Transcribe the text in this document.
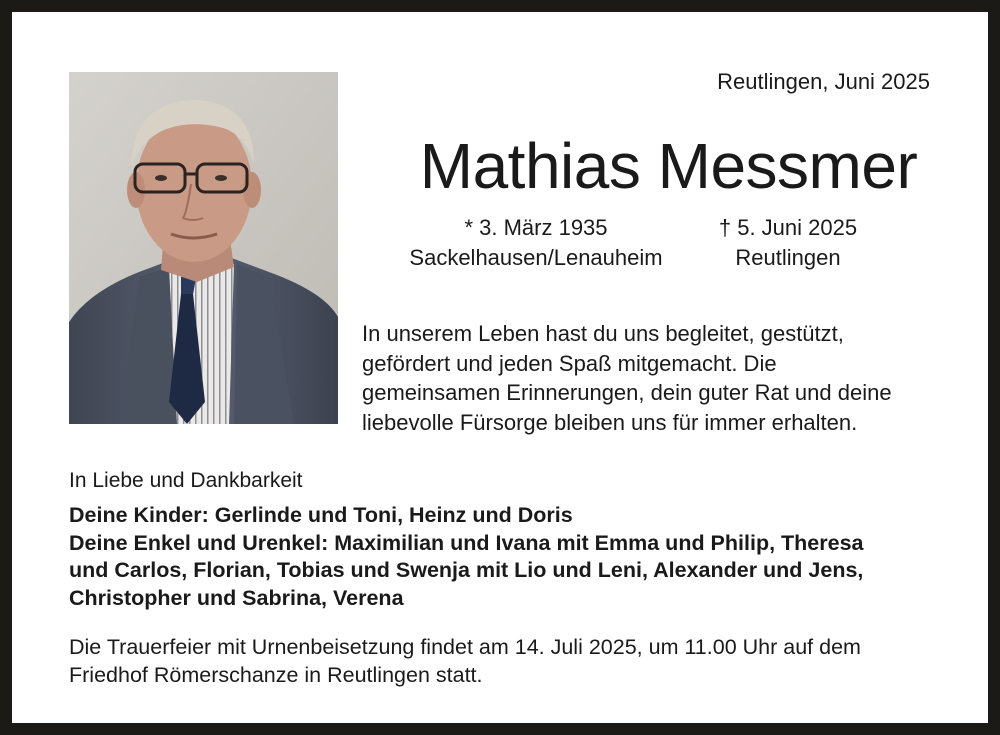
Reutlingen, Juni 2025
Mathias Messmer
* 3. März 1935
Sackelhausen/Lenauheim
† 5. Juni 2025
Reutlingen
In unserem Leben hast du uns begleitet, gestützt,
gefördert und jeden Spaß mitgemacht. Die
gemeinsamen Erinnerungen, dein guter Rat und deine
liebevolle Fürsorge bleiben uns für immer erhalten.
In Liebe und Dankbarkeit
Deine Kinder: Gerlinde und Toni, Heinz und Doris
Deine Enkel und Urenkel: Maximilian und Ivana mit Emma und Philip, Theresa
und Carlos, Florian, Tobias und Swenja mit Lio und Leni, Alexander und Jens,
Christopher und Sabrina, Verena
Die Trauerfeier mit Urnenbeisetzung findet am 14. Juli 2025, um 11.00 Uhr auf dem
Friedhof Römerschanze in Reutlingen statt.
